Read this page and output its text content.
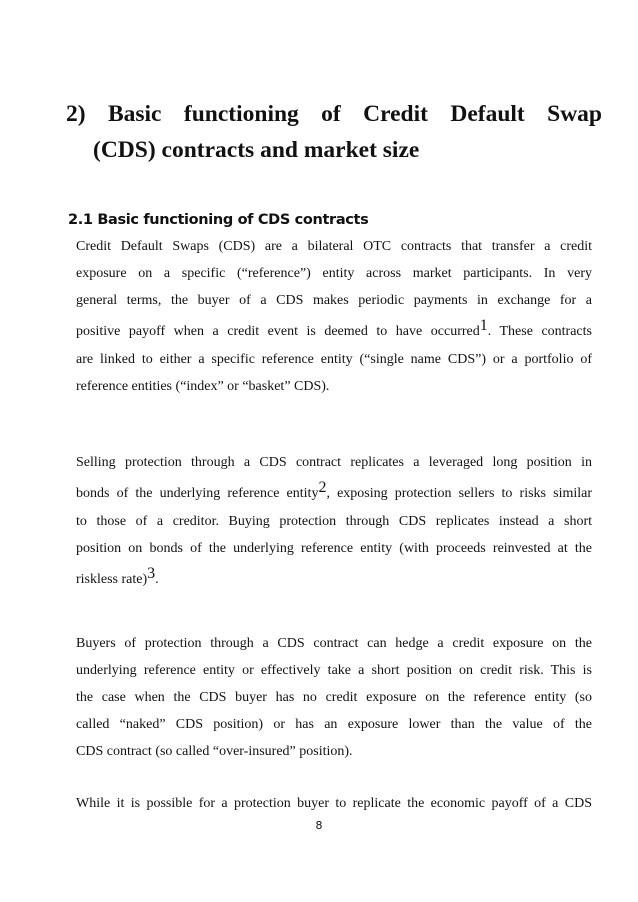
2) Basic functioning of Credit Default Swap
(CDS) contracts and market size
2.1 Basic functioning of CDS contracts
Credit Default Swaps (CDS) are a bilateral OTC contracts that transfer a credit
exposure on a specific (“reference”) entity across market participants. In very
general terms, the buyer of a CDS makes periodic payments in exchange for a
positive payoff when a credit event is deemed to have occurred$^1$. These contracts
are linked to either a specific reference entity (“single name CDS”) or a portfolio of
reference entities (“index” or “basket” CDS).
Selling protection through a CDS contract replicates a leveraged long position in
bonds of the underlying reference entity$^2$, exposing protection sellers to risks similar
to those of a creditor. Buying protection through CDS replicates instead a short
position on bonds of the underlying reference entity (with proceeds reinvested at the
riskless rate)$^3$.
Buyers of protection through a CDS contract can hedge a credit exposure on the
underlying reference entity or effectively take a short position on credit risk. This is
the case when the CDS buyer has no credit exposure on the reference entity (so
called “naked” CDS position) or has an exposure lower than the value of the
CDS contract (so called “over-insured” position).
While it is possible for a protection buyer to replicate the economic payoff of a CDS
8
